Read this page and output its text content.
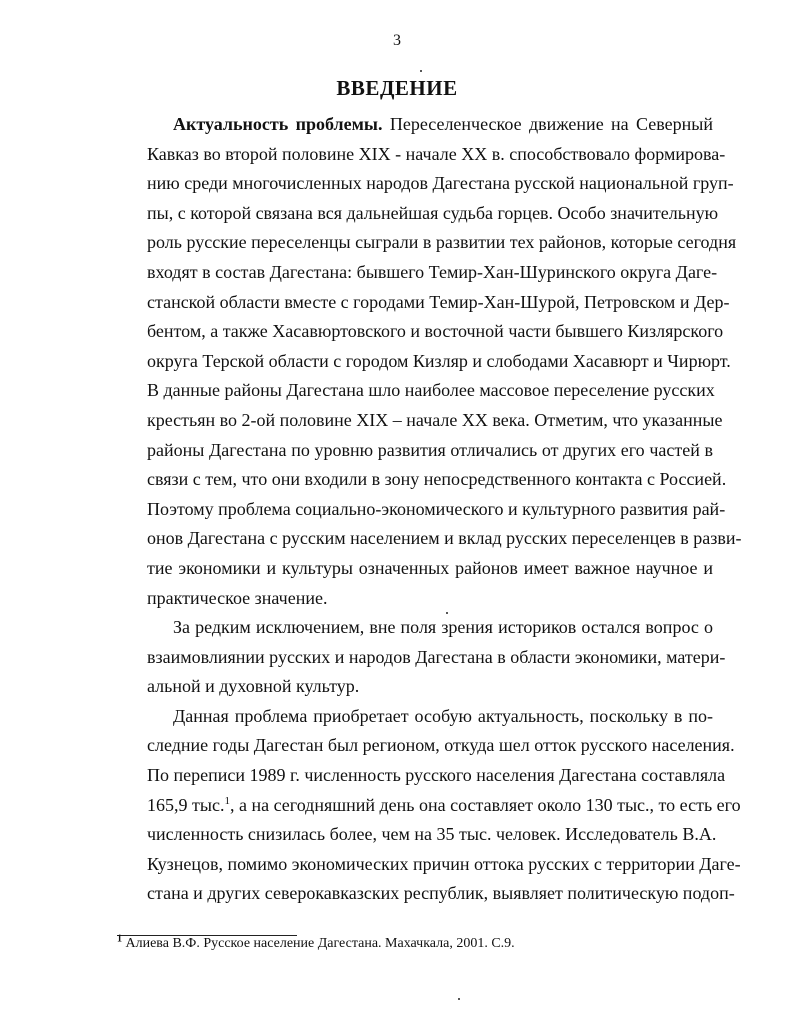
3
ВВЕДЕНИЕ
Актуальность проблемы. Переселенческое движение на Северный
Кавказ во второй половине XIX - начале XX в. способствовало формирова-
нию среди многочисленных народов Дагестана русской национальной груп-
пы, с которой связана вся дальнейшая судьба горцев. Особо значительную
роль русские переселенцы сыграли в развитии тех районов, которые сегодня
входят в состав Дагестана: бывшего Темир-Хан-Шуринского округа Даге-
станской области вместе с городами Темир-Хан-Шурой, Петровском и Дер-
бентом, а также Хасавюртовского и восточной части бывшего Кизлярского
округа Терской области с городом Кизляр и слободами Хасавюрт и Чирюрт.
В данные районы Дагестана шло наиболее массовое переселение русских
крестьян во 2-ой половине XIX – начале XX века. Отметим, что указанные
районы Дагестана по уровню развития отличались от других его частей в
связи с тем, что они входили в зону непосредственного контакта с Россией.
Поэтому проблема социально-экономического и культурного развития рай-
онов Дагестана с русским населением и вклад русских переселенцев в разви-
тие экономики и культуры означенных районов имеет важное научное и
практическое значение.
За редким исключением, вне поля зрения историков остался вопрос о
взаимовлиянии русских и народов Дагестана в области экономики, матери-
альной и духовной культур.
Данная проблема приобретает особую актуальность, поскольку в по-
следние годы Дагестан был регионом, откуда шел отток русского населения.
По переписи 1989 г. численность русского населения Дагестана составляла
165,9 тыс.$^1$, а на сегодняшний день она составляет около 130 тыс., то есть его
численность снизилась более, чем на 35 тыс. человек. Исследователь В.А.
Кузнецов, помимо экономических причин оттока русских с территории Даге-
стана и других северокавказских республик, выявляет политическую подоп-
$^1$ Алиева В.Ф. Русское население Дагестана. Махачкала, 2001. С.9.
